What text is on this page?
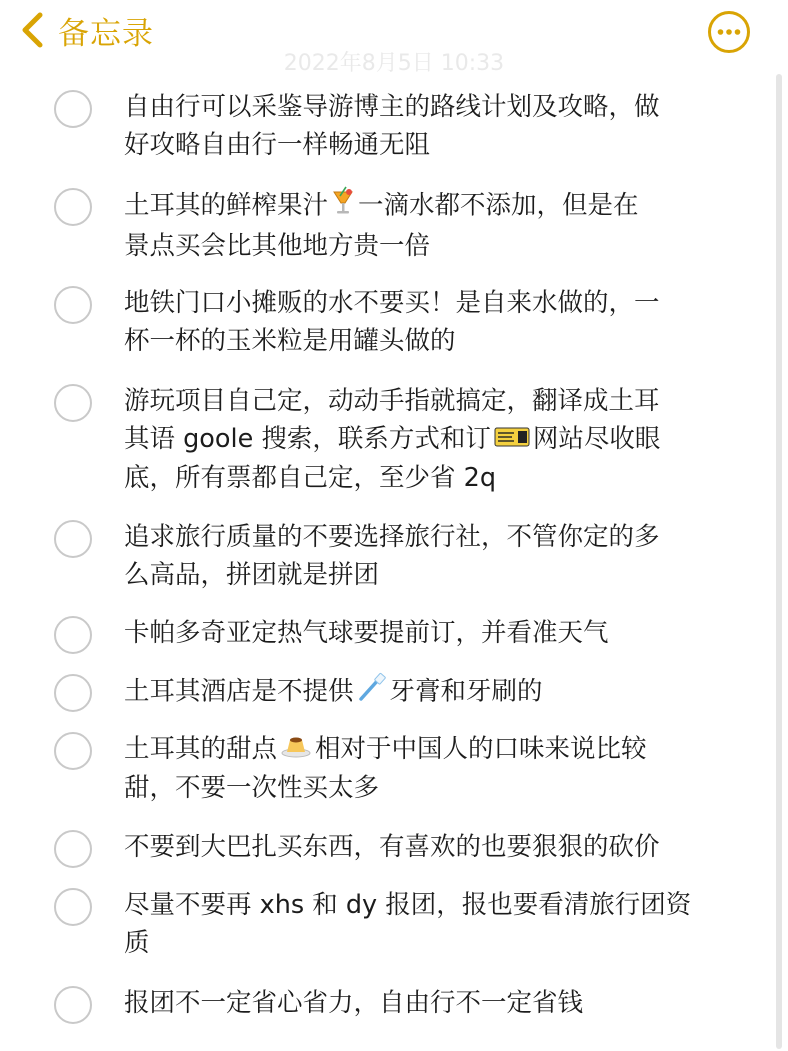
备忘录
2022年8月5日 10:33
自由行可以采鉴导游博主的路线计划及攻略，做
好攻略自由行一样畅通无阻
土耳其的鲜榨果汁 一滴水都不添加，但是在
景点买会比其他地方贵一倍
地铁门口小摊贩的水不要买！是自来水做的，一
杯一杯的玉米粒是用罐头做的
游玩项目自己定，动动手指就搞定，翻译成土耳
其语 goole 搜索，联系方式和订 网站尽收眼
底，所有票都自己定，至少省 2q
追求旅行质量的不要选择旅行社，不管你定的多
么高品，拼团就是拼团
卡帕多奇亚定热气球要提前订，并看准天气
土耳其酒店是不提供 牙膏和牙刷的
土耳其的甜点 相对于中国人的口味来说比较
甜，不要一次性买太多
不要到大巴扎买东西，有喜欢的也要狠狠的砍价
尽量不要再 xhs 和 dy 报团，报也要看清旅行团资
质
报团不一定省心省力，自由行不一定省钱
